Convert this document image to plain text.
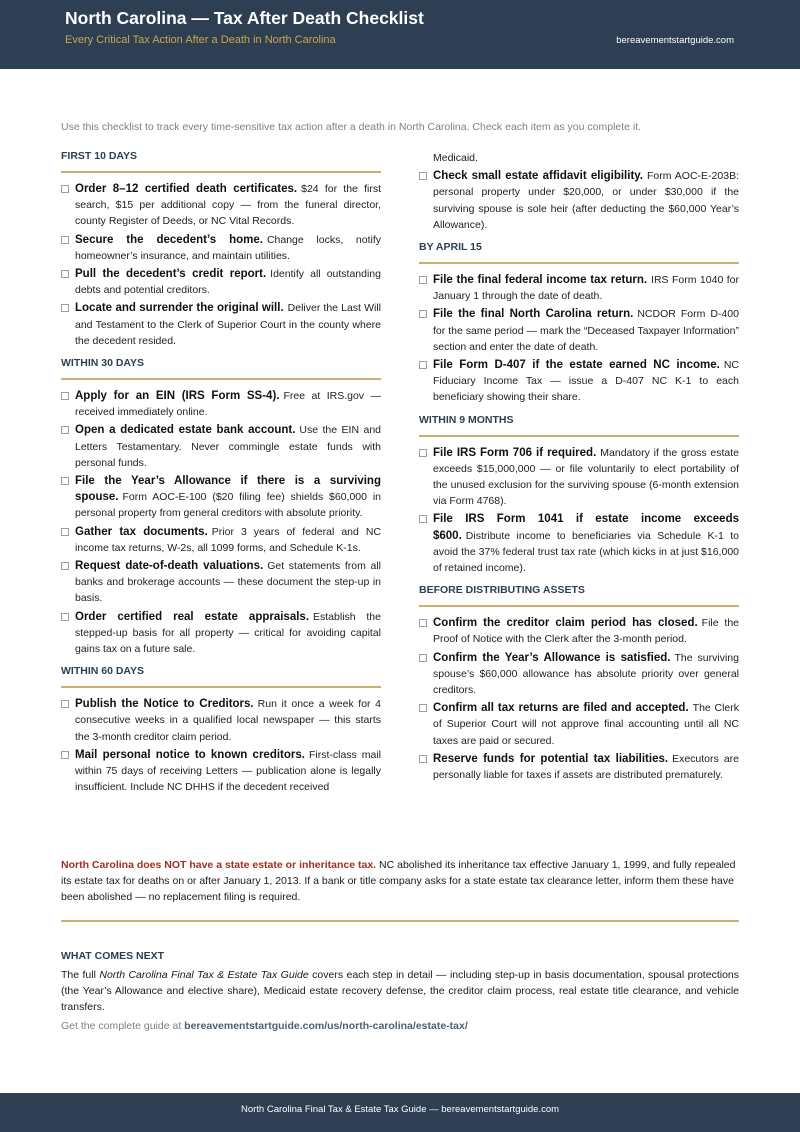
North Carolina — Tax After Death Checklist
Every Critical Tax Action After a Death in North Carolina	bereavementstartguide.com
Use this checklist to track every time-sensitive tax action after a death in North Carolina. Check each item as you complete it.
FIRST 10 DAYS
Order 8–12 certified death certificates. $24 for the first search, $15 per additional copy — from the funeral director, county Register of Deeds, or NC Vital Records.
Secure the decedent’s home. Change locks, notify homeowner’s insurance, and maintain utilities.
Pull the decedent’s credit report. Identify all outstanding debts and potential creditors.
Locate and surrender the original will. Deliver the Last Will and Testament to the Clerk of Superior Court in the county where the decedent resided.
WITHIN 30 DAYS
Apply for an EIN (IRS Form SS-4). Free at IRS.gov — received immediately online.
Open a dedicated estate bank account. Use the EIN and Letters Testamentary. Never commingle estate funds with personal funds.
File the Year’s Allowance if there is a surviving spouse. Form AOC-E-100 ($20 filing fee) shields $60,000 in personal property from general creditors with absolute priority.
Gather tax documents. Prior 3 years of federal and NC income tax returns, W-2s, all 1099 forms, and Schedule K-1s.
Request date-of-death valuations. Get statements from all banks and brokerage accounts — these document the step-up in basis.
Order certified real estate appraisals. Establish the stepped-up basis for all property — critical for avoiding capital gains tax on a future sale.
WITHIN 60 DAYS
Publish the Notice to Creditors. Run it once a week for 4 consecutive weeks in a qualified local newspaper — this starts the 3-month creditor claim period.
Mail personal notice to known creditors. First-class mail within 75 days of receiving Letters — publication alone is legally insufficient. Include NC DHHS if the decedent received
Medicaid.
Check small estate affidavit eligibility. Form AOC-E-203B: personal property under $20,000, or under $30,000 if the surviving spouse is sole heir (after deducting the $60,000 Year’s Allowance).
BY APRIL 15
File the final federal income tax return. IRS Form 1040 for January 1 through the date of death.
File the final North Carolina return. NCDOR Form D-400 for the same period — mark the “Deceased Taxpayer Information” section and enter the date of death.
File Form D-407 if the estate earned NC income. NC Fiduciary Income Tax — issue a D-407 NC K-1 to each beneficiary showing their share.
WITHIN 9 MONTHS
File IRS Form 706 if required. Mandatory if the gross estate exceeds $15,000,000 — or file voluntarily to elect portability of the unused exclusion for the surviving spouse (6-month extension via Form 4768).
File IRS Form 1041 if estate income exceeds $600. Distribute income to beneficiaries via Schedule K-1 to avoid the 37% federal trust tax rate (which kicks in at just $16,000 of retained income).
BEFORE DISTRIBUTING ASSETS
Confirm the creditor claim period has closed. File the Proof of Notice with the Clerk after the 3-month period.
Confirm the Year’s Allowance is satisfied. The surviving spouse’s $60,000 allowance has absolute priority over general creditors.
Confirm all tax returns are filed and accepted. The Clerk of Superior Court will not approve final accounting until all NC taxes are paid or secured.
Reserve funds for potential tax liabilities. Executors are personally liable for taxes if assets are distributed prematurely.
North Carolina does NOT have a state estate or inheritance tax. NC abolished its inheritance tax effective January 1, 1999, and fully repealed its estate tax for deaths on or after January 1, 2013. If a bank or title company asks for a state estate tax clearance letter, inform them these have been abolished — no replacement filing is required.
WHAT COMES NEXT
The full North Carolina Final Tax & Estate Tax Guide covers each step in detail — including step-up in basis documentation, spousal protections (the Year’s Allowance and elective share), Medicaid estate recovery defense, the creditor claim process, real estate title clearance, and vehicle transfers.
Get the complete guide at bereavementstartguide.com/us/north-carolina/estate-tax/
North Carolina Final Tax & Estate Tax Guide — bereavementstartguide.com
